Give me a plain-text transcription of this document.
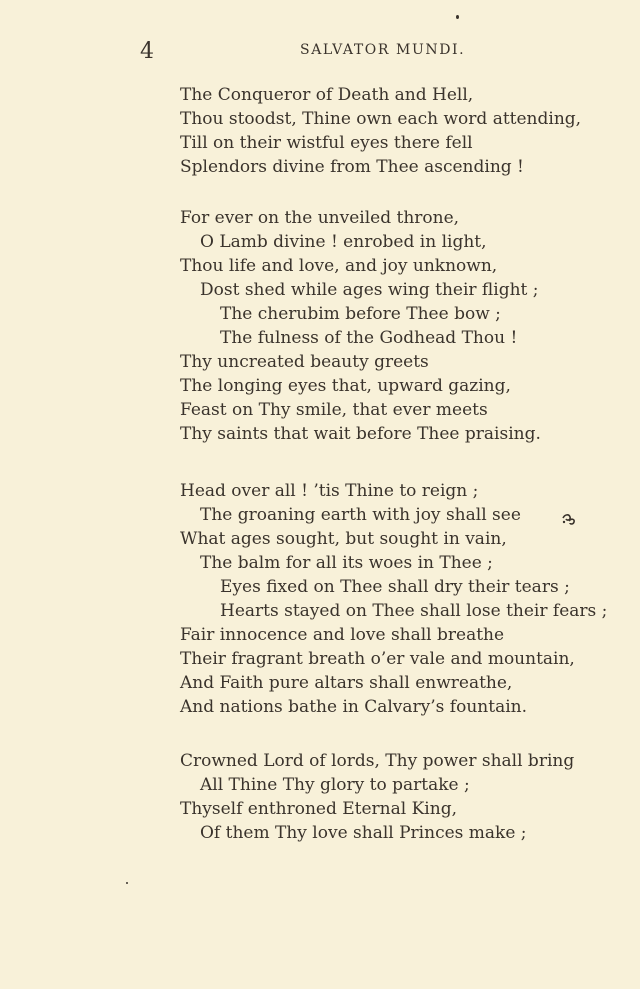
4	SALVATOR MUNDI.
The Conqueror of Death and Hell,
Thou stoodst, Thine own each word attending,
Till on their wistful eyes there fell
Splendors divine from Thee ascending !
For ever on the unveiled throne,
O Lamb divine ! enrobed in light,
Thou life and love, and joy unknown,
Dost shed while ages wing their flight ;
The cherubim before Thee bow ;
The fulness of the Godhead Thou !
Thy uncreated beauty greets
The longing eyes that, upward gazing,
Feast on Thy smile, that ever meets
Thy saints that wait before Thee praising.
Head over all ! ’tis Thine to reign ;
The groaning earth with joy shall see
What ages sought, but sought in vain,
The balm for all its woes in Thee ;
Eyes fixed on Thee shall dry their tears ;
Hearts stayed on Thee shall lose their fears ;
Fair innocence and love shall breathe
Their fragrant breath o’er vale and mountain,
And Faith pure altars shall enwreathe,
And nations bathe in Calvary’s fountain.
Crowned Lord of lords, Thy power shall bring
All Thine Thy glory to partake ;
Thyself enthroned Eternal King,
Of them Thy love shall Princes make ;
